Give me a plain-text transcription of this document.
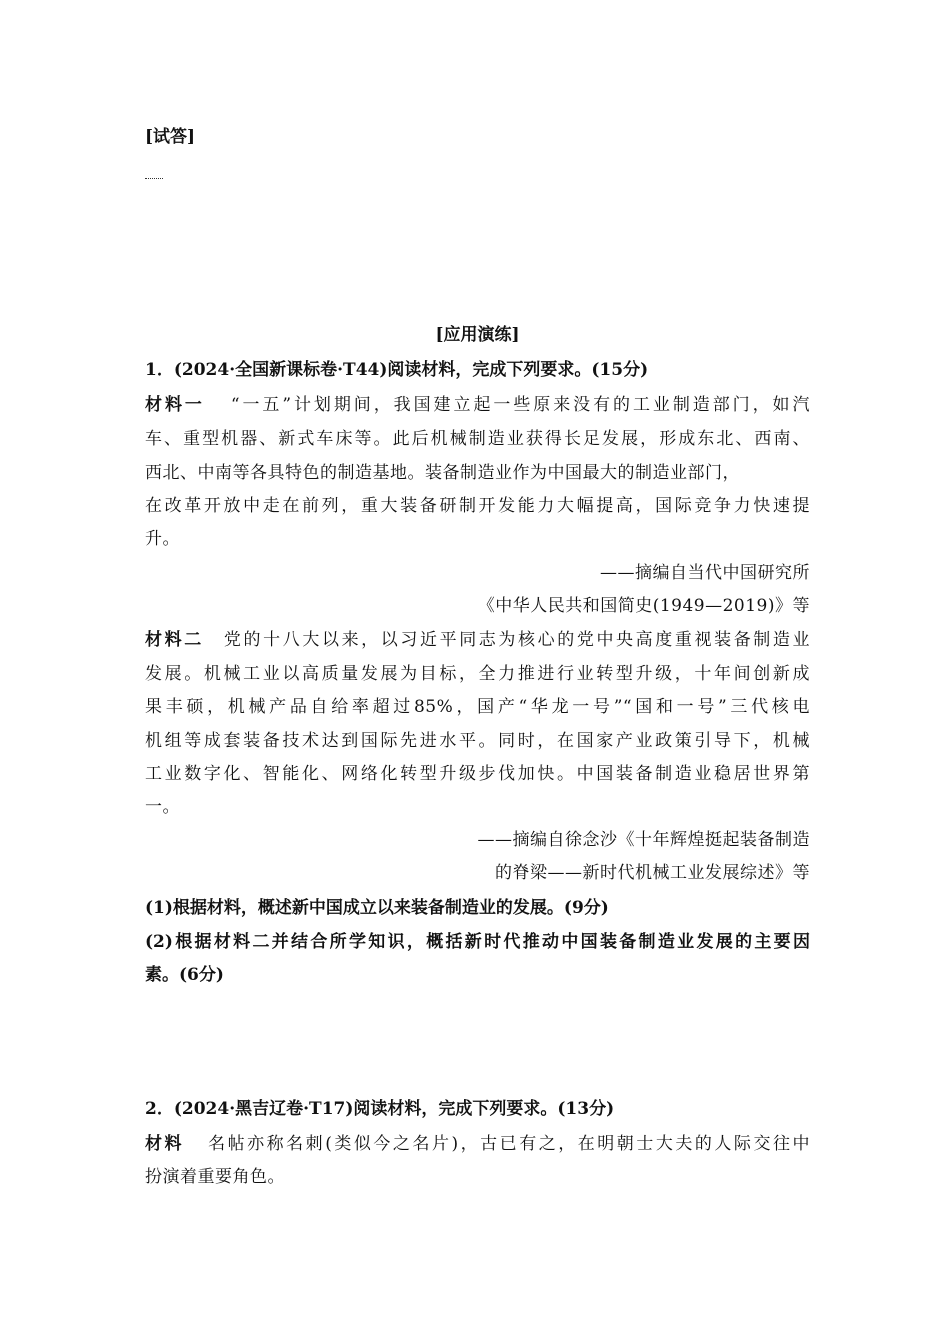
[试答]
[应用演练]
1．(2024·全国新课标卷·T44)阅读材料，完成下列要求。(15分)
材料一 “一五”计划期间，我国建立起一些原来没有的工业制造部门，如汽
车、重型机器、新式车床等。此后机械制造业获得长足发展，形成东北、西南、
西北、中南等各具特色的制造基地。装备制造业作为中国最大的制造业部门，
在改革开放中走在前列，重大装备研制开发能力大幅提高，国际竞争力快速提
升。
——摘编自当代中国研究所
《中华人民共和国简史(1949—2019)》等
材料二 党的十八大以来，以习近平同志为核心的党中央高度重视装备制造业
发展。机械工业以高质量发展为目标，全力推进行业转型升级，十年间创新成
果丰硕，机械产品自给率超过85%，国产“华龙一号”“国和一号”三代核电
机组等成套装备技术达到国际先进水平。同时，在国家产业政策引导下，机械
工业数字化、智能化、网络化转型升级步伐加快。中国装备制造业稳居世界第
一。
——摘编自徐念沙《十年辉煌挺起装备制造
的脊梁——新时代机械工业发展综述》等
(1)根据材料，概述新中国成立以来装备制造业的发展。(9分)
(2)根据材料二并结合所学知识，概括新时代推动中国装备制造业发展的主要因
素。(6分)
2．(2024·黑吉辽卷·T17)阅读材料，完成下列要求。(13分)
材料 名帖亦称名刺(类似今之名片)，古已有之，在明朝士大夫的人际交往中
扮演着重要角色。
